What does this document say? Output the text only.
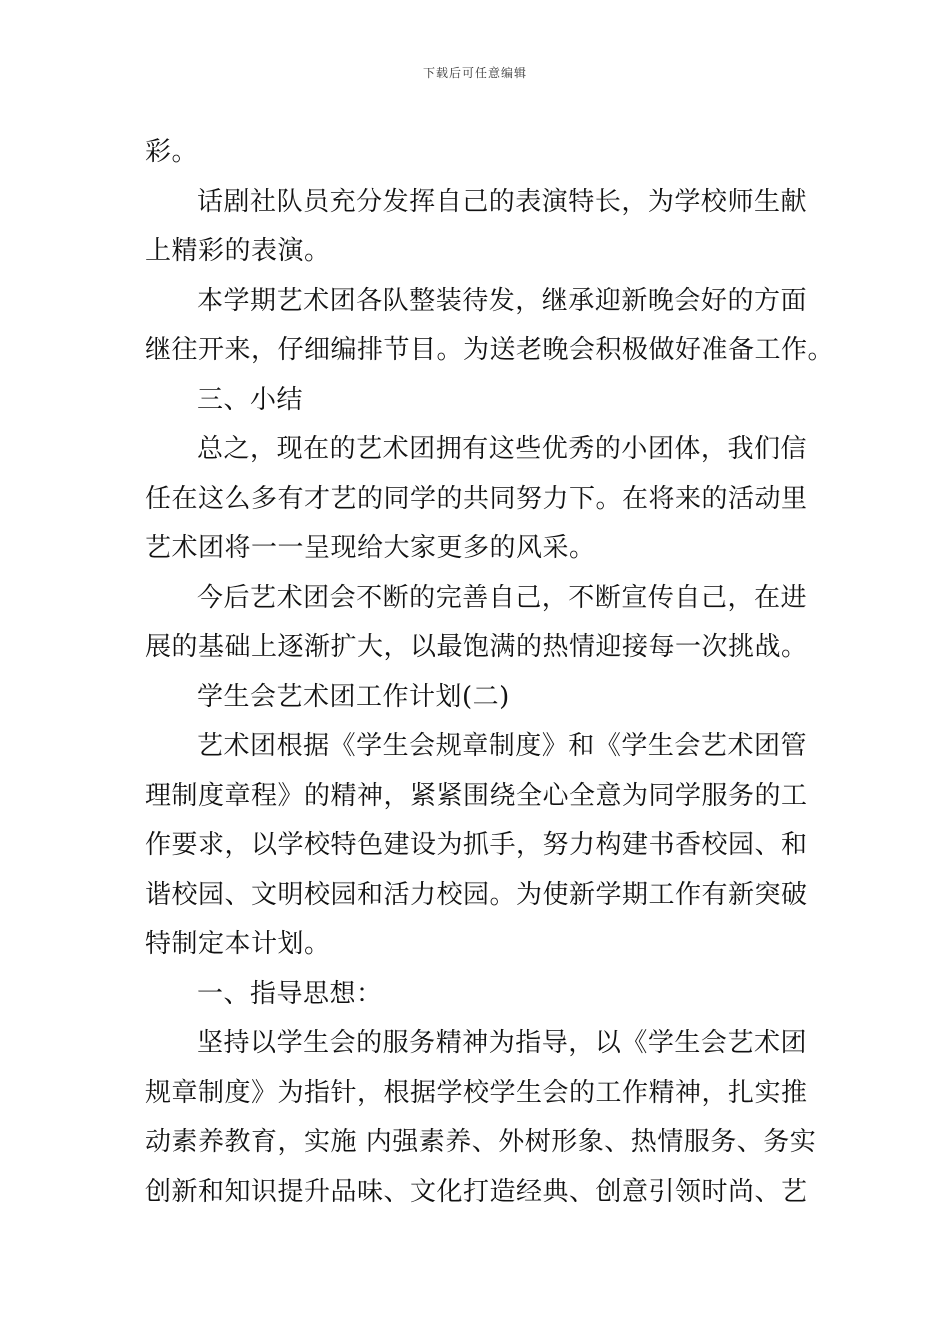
下载后可任意编辑
彩。
话剧社队员充分发挥自己的表演特长，为学校师生献
上精彩的表演。
本学期艺术团各队整装待发，继承迎新晚会好的方面
继往开来，仔细编排节目。为送老晚会积极做好准备工作。
三、小结
总之，现在的艺术团拥有这些优秀的小团体，我们信
任在这么多有才艺的同学的共同努力下。在将来的活动里
艺术团将一一呈现给大家更多的风采。
今后艺术团会不断的完善自己，不断宣传自己，在进
展的基础上逐渐扩大，以最饱满的热情迎接每一次挑战。
学生会艺术团工作计划(二)
艺术团根据《学生会规章制度》和《学生会艺术团管
理制度章程》的精神，紧紧围绕全心全意为同学服务的工
作要求，以学校特色建设为抓手，努力构建书香校园、和
谐校园、文明校园和活力校园。为使新学期工作有新突破
特制定本计划。
一、指导思想：
坚持以学生会的服务精神为指导，以《学生会艺术团
规章制度》为指针，根据学校学生会的工作精神，扎实推
动素养教育，实施 内强素养、外树形象、热情服务、务实
创新和知识提升品味、文化打造经典、创意引领时尚、艺
